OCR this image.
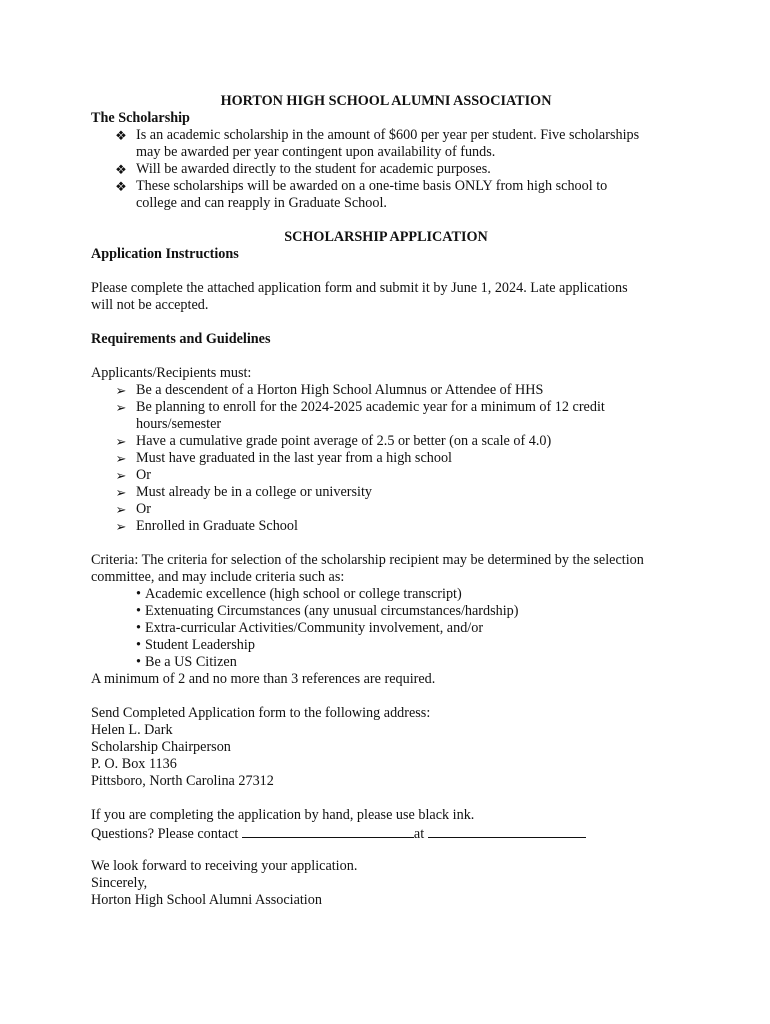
HORTON HIGH SCHOOL ALUMNI ASSOCIATION
The Scholarship
❖ Is an academic scholarship in the amount of $600 per year per student. Five scholarships
may be awarded per year contingent upon availability of funds.
❖ Will be awarded directly to the student for academic purposes.
❖ These scholarships will be awarded on a one-time basis ONLY from high school to
college and can reapply in Graduate School.
SCHOLARSHIP APPLICATION
Application Instructions
Please complete the attached application form and submit it by June 1, 2024. Late applications
will not be accepted.
Requirements and Guidelines
Applicants/Recipients must:
➢ Be a descendent of a Horton High School Alumnus or Attendee of HHS
➢ Be planning to enroll for the 2024-2025 academic year for a minimum of 12 credit
hours/semester
➢ Have a cumulative grade point average of 2.5 or better (on a scale of 4.0)
➢ Must have graduated in the last year from a high school
➢ Or
➢ Must already be in a college or university
➢ Or
➢ Enrolled in Graduate School
Criteria: The criteria for selection of the scholarship recipient may be determined by the selection
committee, and may include criteria such as:
• Academic excellence (high school or college transcript)
• Extenuating Circumstances (any unusual circumstances/hardship)
• Extra-curricular Activities/Community involvement, and/or
• Student Leadership
• Be a US Citizen
A minimum of 2 and no more than 3 references are required.
Send Completed Application form to the following address:
Helen L. Dark
Scholarship Chairperson
P. O. Box 1136
Pittsboro, North Carolina 27312
If you are completing the application by hand, please use black ink.
Questions? Please contact	at
We look forward to receiving your application.
Sincerely,
Horton High School Alumni Association
